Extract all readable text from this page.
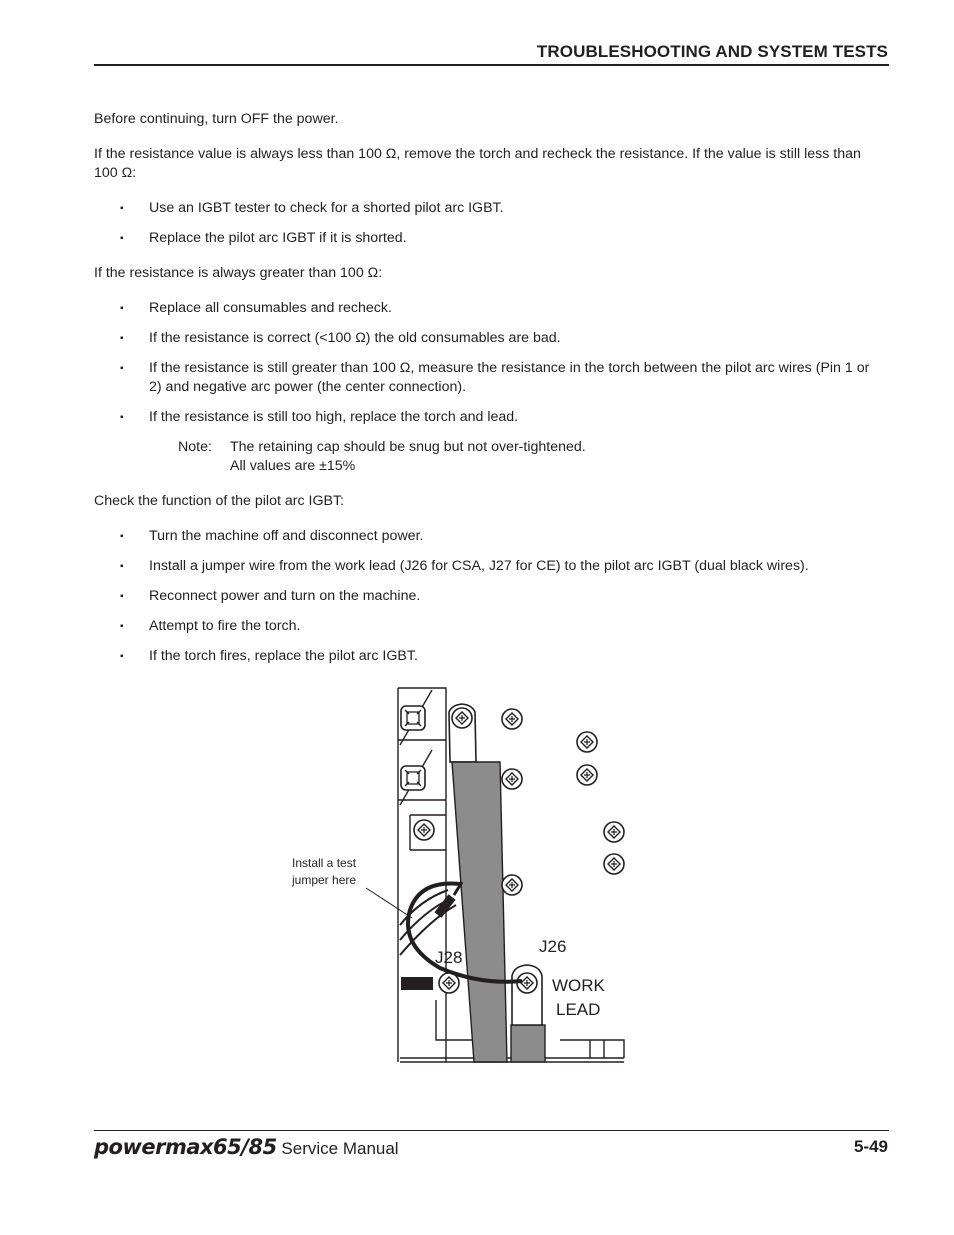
TROUBLESHOOTING AND SYSTEM TESTS

Before continuing, turn OFF the power.

If the resistance value is always less than 100 Ω, remove the torch and recheck the resistance. If the value is still less than 100 Ω:

▪ Use an IGBT tester to check for a shorted pilot arc IGBT.
▪ Replace the pilot arc IGBT if it is shorted.

If the resistance is always greater than 100 Ω:

▪ Replace all consumables and recheck.
▪ If the resistance is correct (<100 Ω) the old consumables are bad.
▪ If the resistance is still greater than 100 Ω, measure the resistance in the torch between the pilot arc wires (Pin 1 or 2) and negative arc power (the center connection).
▪ If the resistance is still too high, replace the torch and lead.
Note: The retaining cap should be snug but not over-tightened.
All values are ±15%

Check the function of the pilot arc IGBT:

▪ Turn the machine off and disconnect power.
▪ Install a jumper wire from the work lead (J26 for CSA, J27 for CE) to the pilot arc IGBT (dual black wires).
▪ Reconnect power and turn on the machine.
▪ Attempt to fire the torch.
▪ If the torch fires, replace the pilot arc IGBT.
Install a test
jumper here
J26
J28
WORK
LEAD
powermax65/85 Service Manual	5-49
